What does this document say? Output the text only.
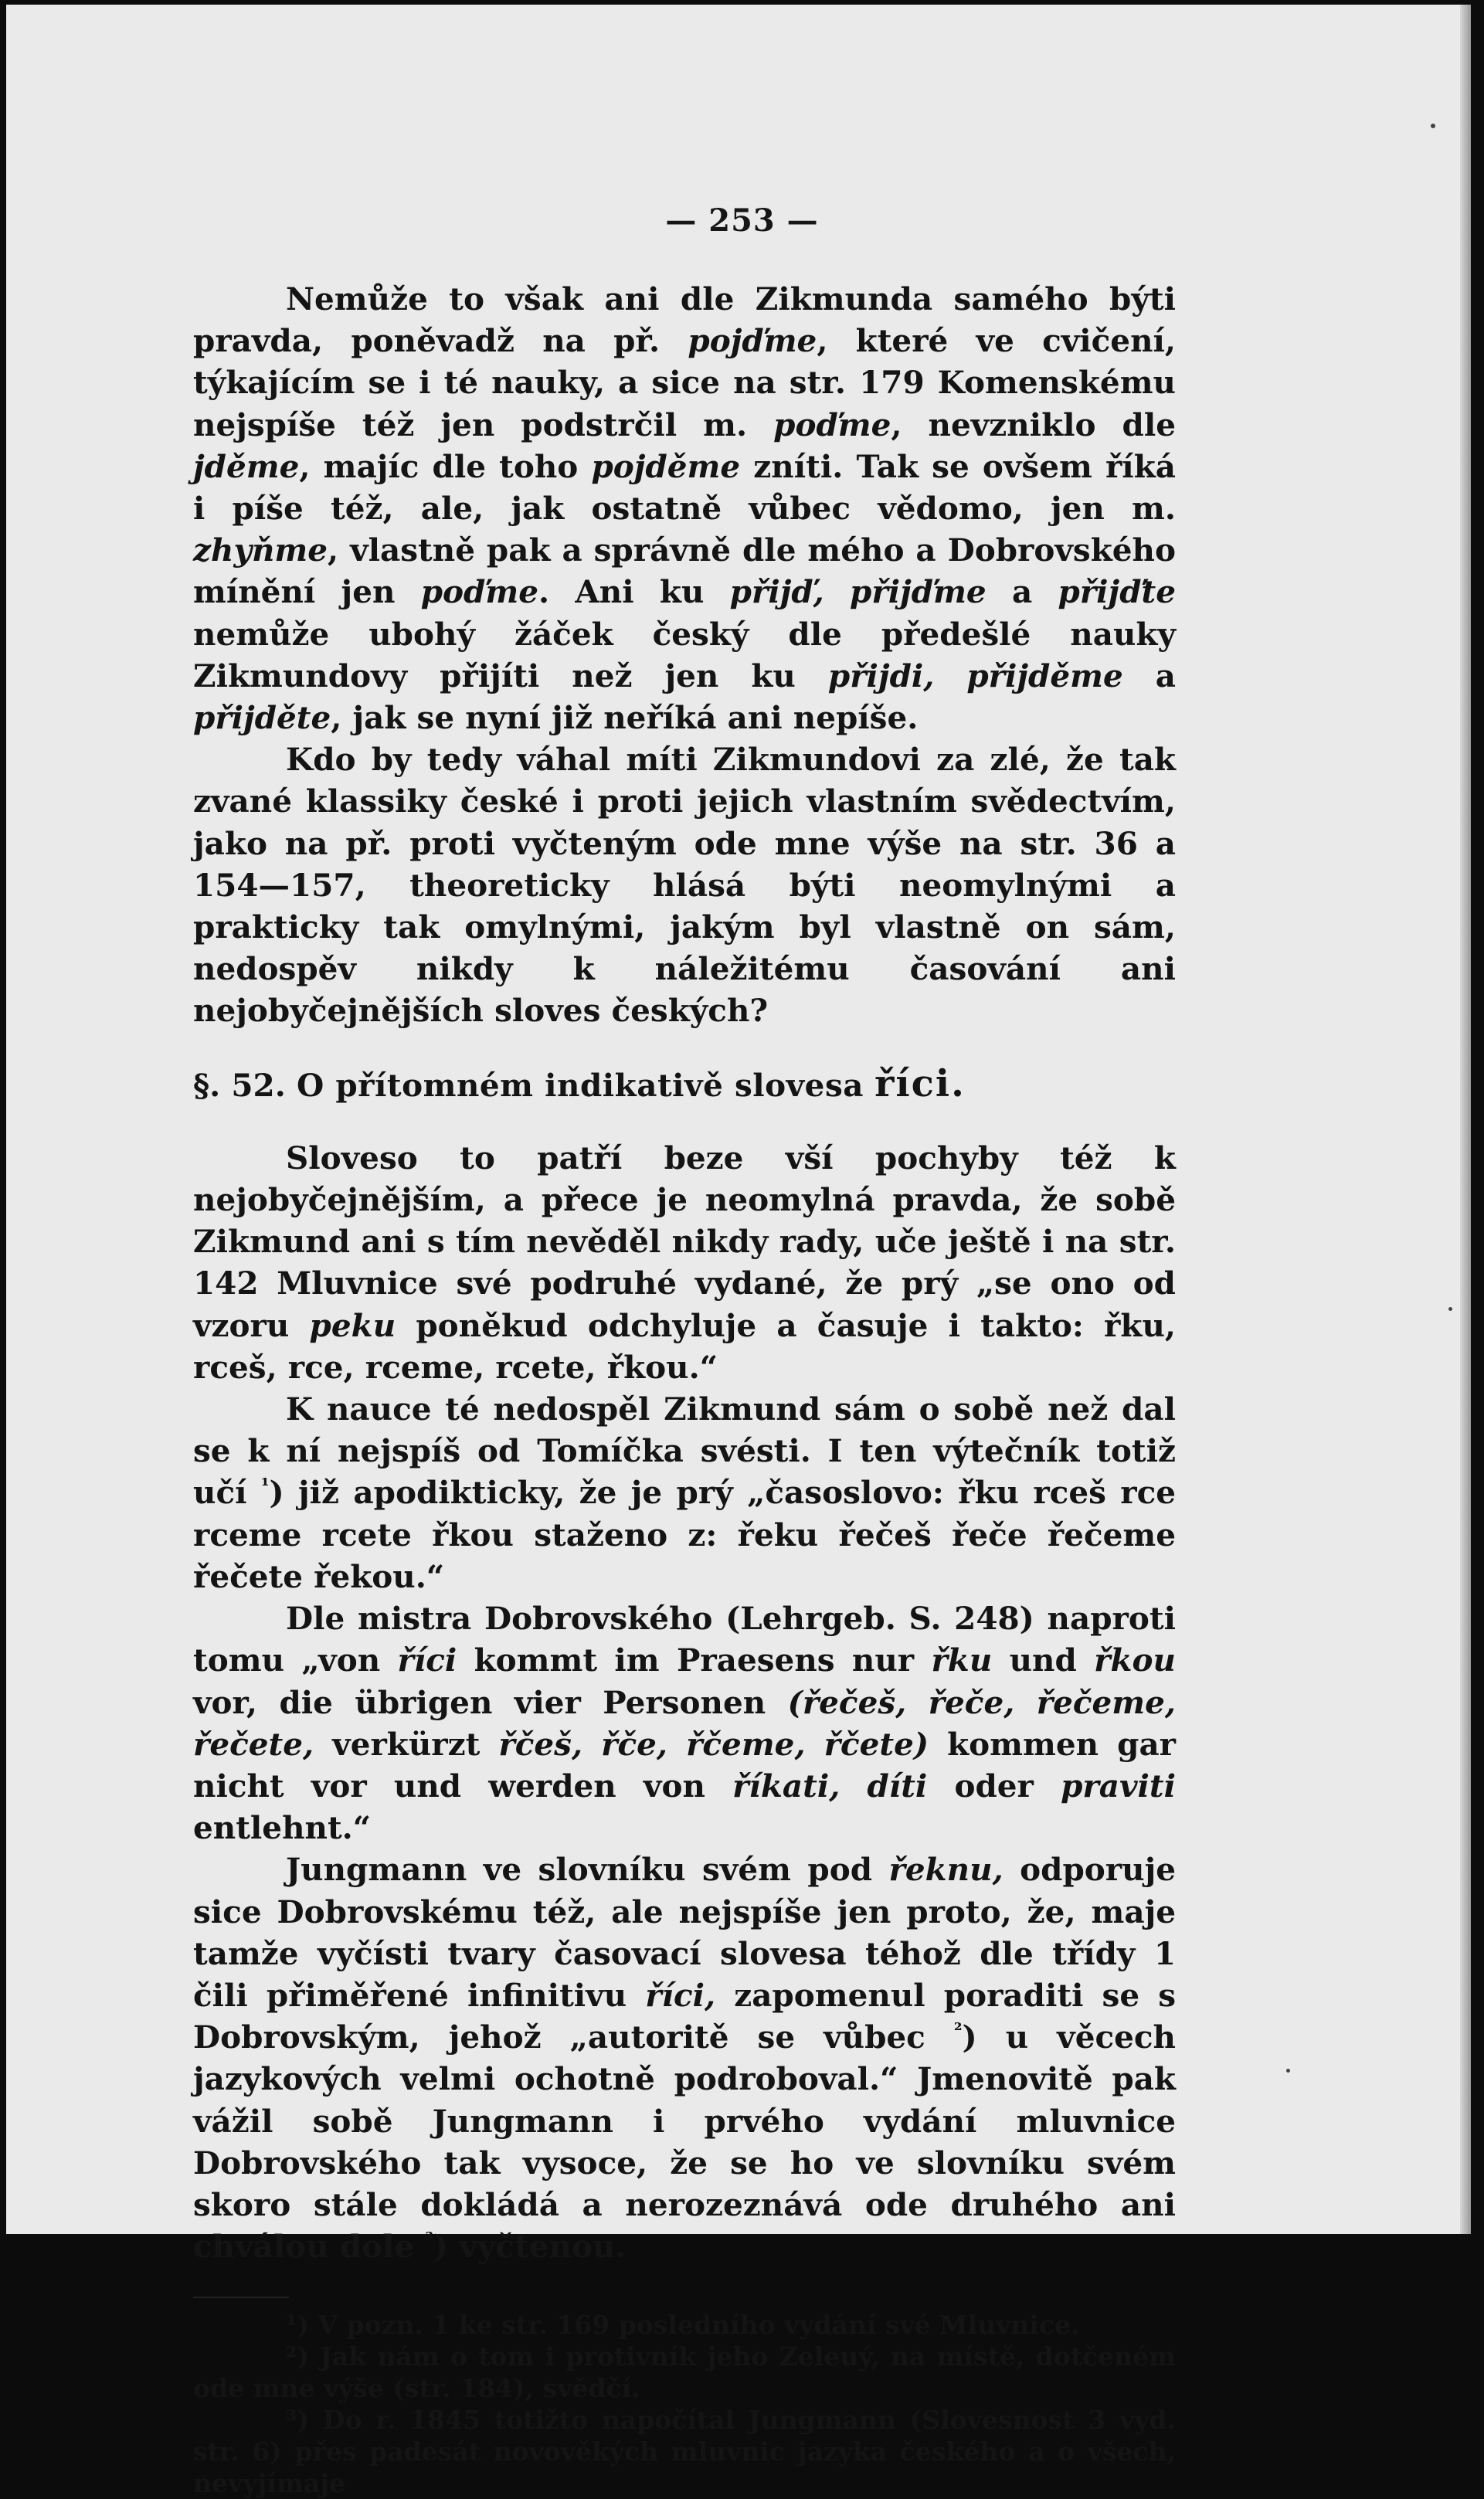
— 253 —

Nemůže to však ani dle Zikmunda samého býti pravda, poněvadž na př. pojďme, které ve cvičení, týkajícím se i té nauky, a sice na str. 179 Komenskému nejspíše též jen podstrčil m. poďme, nevzniklo dle jděme, majíc dle toho pojděme zníti. Tak se ovšem říká i píše též, ale, jak ostatně vůbec vědomo, jen m. zhyňme, vlastně pak a správně dle mého a Dobrovského mínění jen poďme. Ani ku přijď, přijďme a přijďte nemůže ubohý žáček český dle předešlé nauky Zikmundovy přijíti než jen ku přijdi, přijděme a přijděte, jak se nyní již neříká ani nepíše.

Kdo by tedy váhal míti Zikmundovi za zlé, že tak zvané klassiky české i proti jejich vlastním svědectvím, jako na př. proti vyčteným ode mne výše na str. 36 a 154—157, theoreticky hlásá býti neomylnými a prakticky tak omylnými, jakým byl vlastně on sám, nedospěv nikdy k náležitému časování ani nejobyčejnějších sloves českých?

§. 52. O přítomném indikativě slovesa říci.

Sloveso to patří beze vší pochyby též k nejobyčejnějším, a přece je neomylná pravda, že sobě Zikmund ani s tím nevěděl nikdy rady, uče ještě i na str. 142 Mluvnice své podruhé vydané, že prý „se ono od vzoru peku poněkud odchyluje a časuje i takto: řku, rceš, rce, rceme, rcete, řkou.“

K nauce té nedospěl Zikmund sám o sobě než dal se k ní nejspíš od Tomíčka svésti. I ten výtečník totiž učí $^{^1}$) již apodikticky, že je prý „časoslovo: řku rceš rce rceme rcete řkou staženo z: řeku řečeš řeče řečeme řečete řekou.“

Dle mistra Dobrovského (Lehrgeb. S. 248) naproti tomu „von říci kommt im Praesens nur řku und řkou vor, die übrigen vier Personen (řečeš, řeče, řečeme, řečete, verkürzt řčeš, řče, řčeme, řčete) kommen gar nicht vor und werden von říkati, díti oder praviti entlehnt.“

Jungmann ve slovníku svém pod řeknu, odporuje sice Dobrovskému též, ale nejspíše jen proto, že, maje tamže vyčísti tvary časovací slovesa téhož dle třídy 1 čili přiměřené infinitivu říci, zapomenul poraditi se s Dobrovským, jehož „autoritě se vůbec $^{^2}$) u věcech jazykových velmi ochotně podroboval.“ Jmenovitě pak vážil sobě Jungmann i prvého vydání mluvnice Dobrovského tak vysoce, že se ho ve slovníku svém skoro stále dokládá a nerozeznává ode druhého ani chválou dole $^{^3}$) vyčtenou.

¹) V pozn. 1 ke str. 169 posledního vydání své Mluvnice.

²) Jak nám o tom i protivník jeho Zeleuý, na místě, dotčeném ode mne výše (str. 184), svědčí.

³) Do r. 1845 totižto napočítal Jungmann (Slovesnost 3 vyd. str. 6) přes padesát novověkých mluvnic jazyka českého a o všech, nevyjímaje
